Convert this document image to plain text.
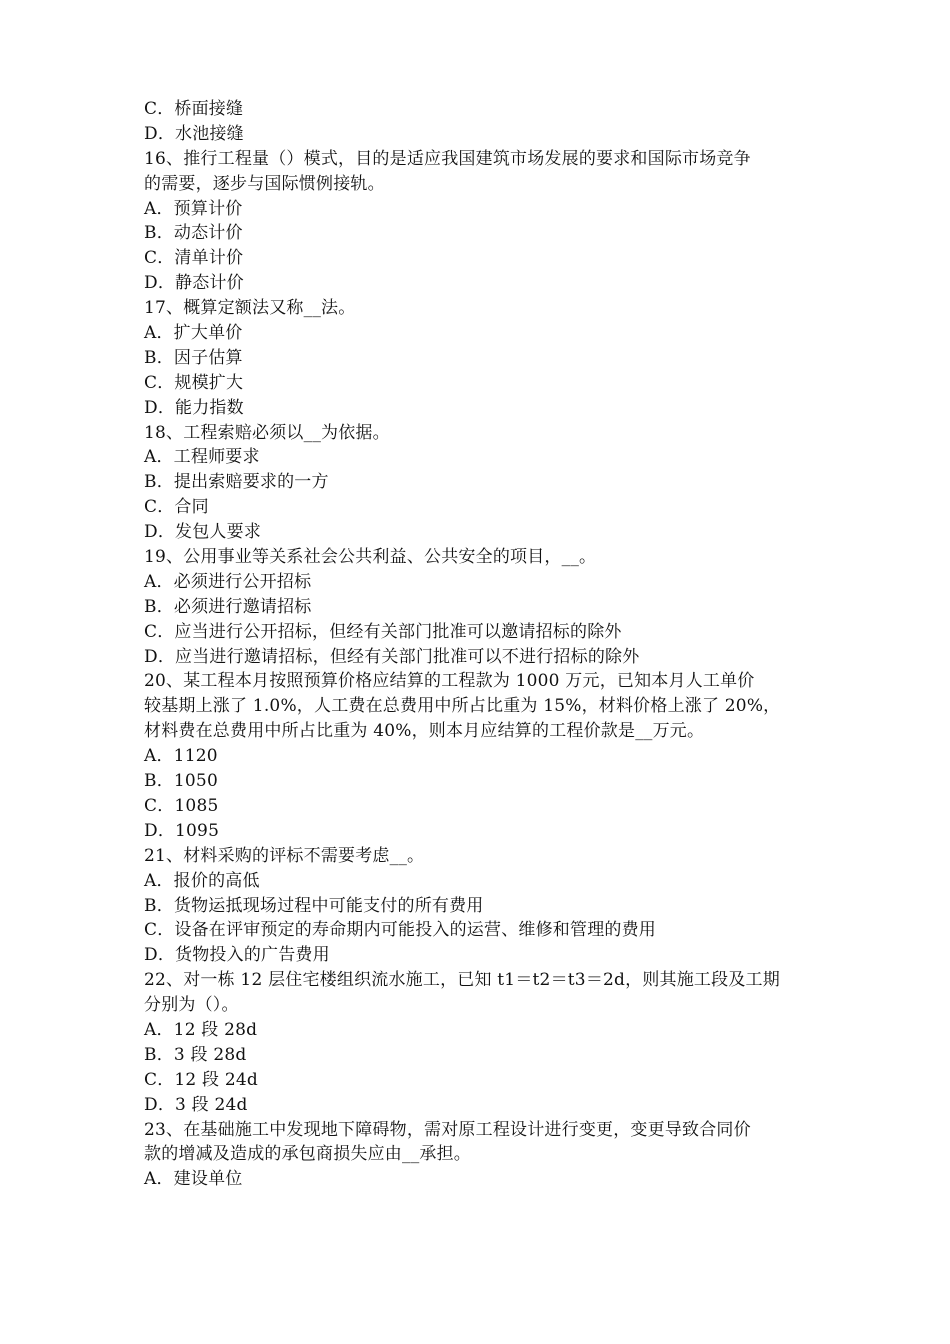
C．桥面接缝
D．水池接缝
16、推行工程量（）模式，目的是适应我国建筑市场发展的要求和国际市场竞争
的需要，逐步与国际惯例接轨。
A．预算计价
B．动态计价
C．清单计价
D．静态计价
17、概算定额法又称__法。
A．扩大单价
B．因子估算
C．规模扩大
D．能力指数
18、工程索赔必须以__为依据。
A．工程师要求
B．提出索赔要求的一方
C．合同
D．发包人要求
19、公用事业等关系社会公共利益、公共安全的项目，__。
A．必须进行公开招标
B．必须进行邀请招标
C．应当进行公开招标，但经有关部门批准可以邀请招标的除外
D．应当进行邀请招标，但经有关部门批准可以不进行招标的除外
20、某工程本月按照预算价格应结算的工程款为 1000 万元，已知本月人工单价
较基期上涨了 1.0%，人工费在总费用中所占比重为 15%，材料价格上涨了 20%，
材料费在总费用中所占比重为 40%，则本月应结算的工程价款是__万元。
A．1120
B．1050
C．1085
D．1095
21、材料采购的评标不需要考虑__。
A．报价的高低
B．货物运抵现场过程中可能支付的所有费用
C．设备在评审预定的寿命期内可能投入的运营、维修和管理的费用
D．货物投入的广告费用
22、对一栋 12 层住宅楼组织流水施工，已知 t1＝t2＝t3＝2d，则其施工段及工期
分别为（）。
A．12 段 28d
B．3 段 28d
C．12 段 24d
D．3 段 24d
23、在基础施工中发现地下障碍物，需对原工程设计进行变更，变更导致合同价
款的增减及造成的承包商损失应由__承担。
A．建设单位
